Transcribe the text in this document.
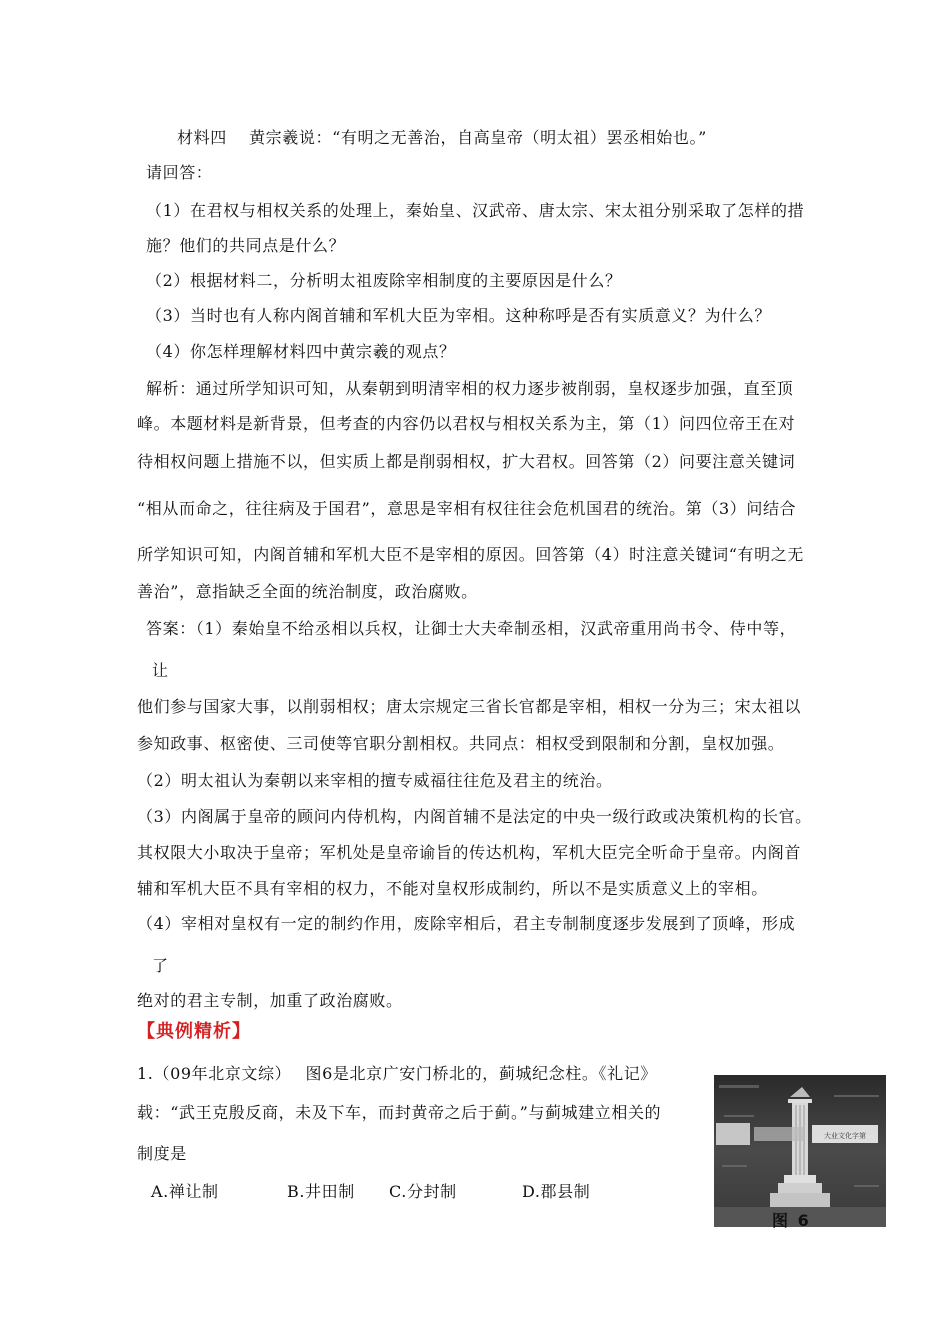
材料四　 黄宗羲说：“有明之无善治，自高皇帝（明太祖）罢丞相始也。”
请回答：
（1）在君权与相权关系的处理上，秦始皇、汉武帝、唐太宗、宋太祖分别采取了怎样的措
施？他们的共同点是什么？
（2）根据材料二，分析明太祖废除宰相制度的主要原因是什么？
（3）当时也有人称内阁首辅和军机大臣为宰相。这种称呼是否有实质意义？为什么？
（4）你怎样理解材料四中黄宗羲的观点？
解析：通过所学知识可知，从秦朝到明清宰相的权力逐步被削弱，皇权逐步加强，直至顶
峰。本题材料是新背景，但考查的内容仍以君权与相权关系为主，第（1）问四位帝王在对
待相权问题上措施不以，但实质上都是削弱相权，扩大君权。回答第（2）问要注意关键词
“相从而命之，往往病及于国君”，意思是宰相有权往往会危机国君的统治。第（3）问结合
所学知识可知，内阁首辅和军机大臣不是宰相的原因。回答第（4）时注意关键词“有明之无
善治”，意指缺乏全面的统治制度，政治腐败。
答案：（1）秦始皇不给丞相以兵权，让御士大夫牵制丞相，汉武帝重用尚书令、侍中等，
让
他们参与国家大事，以削弱相权；唐太宗规定三省长官都是宰相，相权一分为三；宋太祖以
参知政事、枢密使、三司使等官职分割相权。共同点：相权受到限制和分割，皇权加强。
（2）明太祖认为秦朝以来宰相的擅专威福往往危及君主的统治。
（3）内阁属于皇帝的顾问内侍机构，内阁首辅不是法定的中央一级行政或决策机构的长官。
其权限大小取决于皇帝；军机处是皇帝谕旨的传达机构，军机大臣完全听命于皇帝。内阁首
辅和军机大臣不具有宰相的权力，不能对皇权形成制约，所以不是实质意义上的宰相。
（4）宰相对皇权有一定的制约作用，废除宰相后，君主专制制度逐步发展到了顶峰，形成
了
绝对的君主专制，加重了政治腐败。
【典例精析】
1.（09年北京文综）　 图6是北京广安门桥北的，蓟城纪念柱。《礼记》
载：“武王克殷反商，未及下车，而封黄帝之后于蓟。”与蓟城建立相关的
制度是
A.禅让制	B.井田制 C.分封制	D.郡县制
大业文化字第
图 6
